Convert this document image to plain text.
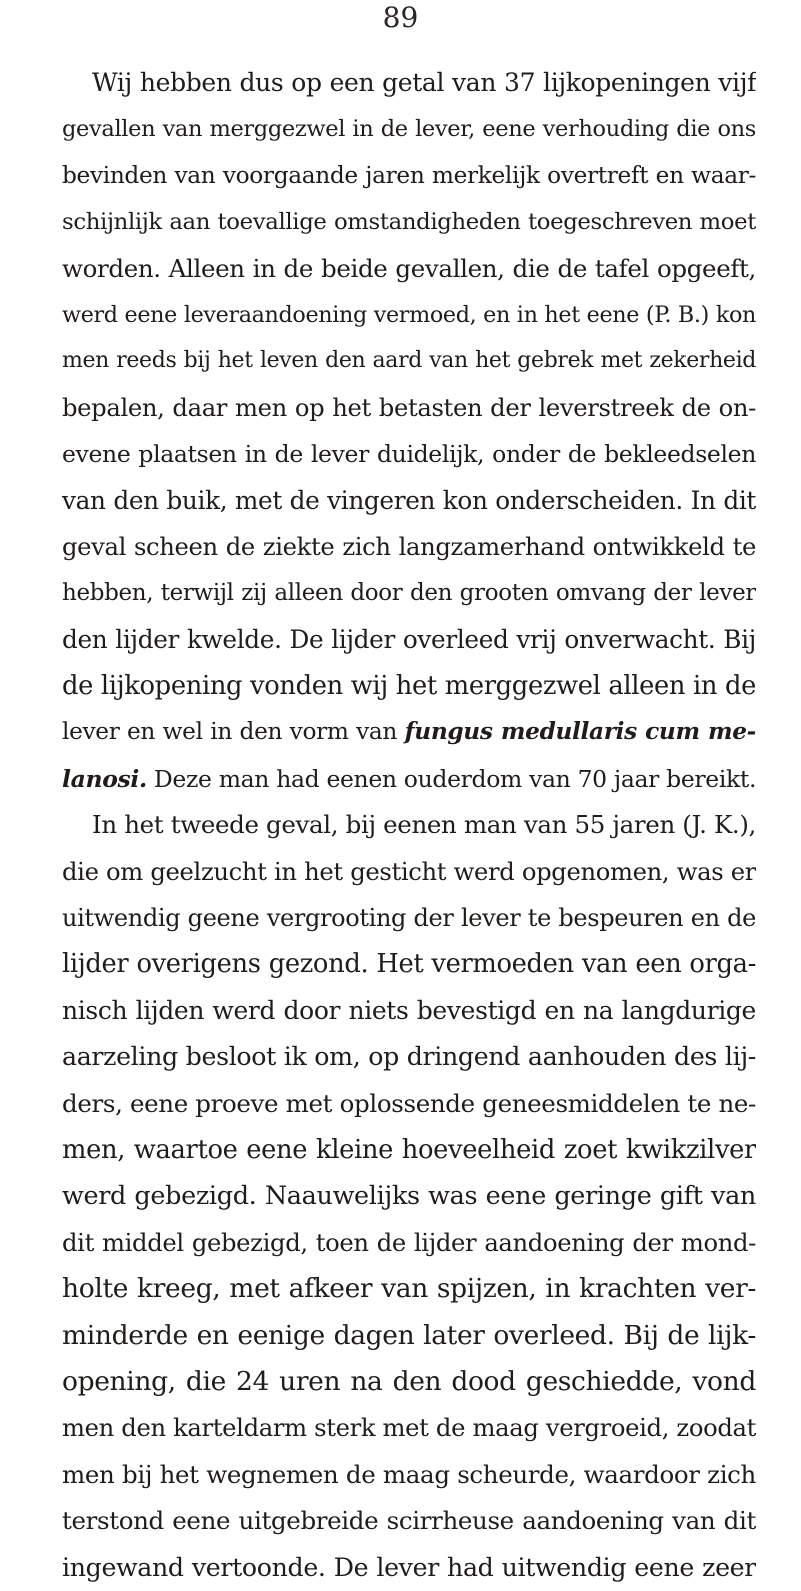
89
Wij hebben dus op een getal van 37 lijkopeningen vijf
gevallen van merggezwel in de lever, eene verhouding die ons
bevinden van voorgaande jaren merkelijk overtreft en waar-
schijnlijk aan toevallige omstandigheden toegeschreven moet
worden. Alleen in de beide gevallen, die de tafel opgeeft,
werd eene leveraandoening vermoed, en in het eene (P. B.) kon
men reeds bij het leven den aard van het gebrek met zekerheid
bepalen, daar men op het betasten der leverstreek de on-
evene plaatsen in de lever duidelijk, onder de bekleedselen
van den buik, met de vingeren kon onderscheiden. In dit
geval scheen de ziekte zich langzamerhand ontwikkeld te
hebben, terwijl zij alleen door den grooten omvang der lever
den lijder kwelde. De lijder overleed vrij onverwacht. Bij
de lijkopening vonden wij het merggezwel alleen in de
lever en wel in den vorm van fungus medullaris cum me-
lanosi. Deze man had eenen ouderdom van 70 jaar bereikt.
In het tweede geval, bij eenen man van 55 jaren (J. K.),
die om geelzucht in het gesticht werd opgenomen, was er
uitwendig geene vergrooting der lever te bespeuren en de
lijder overigens gezond. Het vermoeden van een orga-
nisch lijden werd door niets bevestigd en na langdurige
aarzeling besloot ik om, op dringend aanhouden des lij-
ders, eene proeve met oplossende geneesmiddelen te ne-
men, waartoe eene kleine hoeveelheid zoet kwikzilver
werd gebezigd. Naauwelijks was eene geringe gift van
dit middel gebezigd, toen de lijder aandoening der mond-
holte kreeg, met afkeer van spijzen, in krachten ver-
minderde en eenige dagen later overleed. Bij de lijk-
opening, die 24 uren na den dood geschiedde, vond
men den karteldarm sterk met de maag vergroeid, zoodat
men bij het wegnemen de maag scheurde, waardoor zich
terstond eene uitgebreide scirrheuse aandoening van dit
ingewand vertoonde. De lever had uitwendig eene zeer
